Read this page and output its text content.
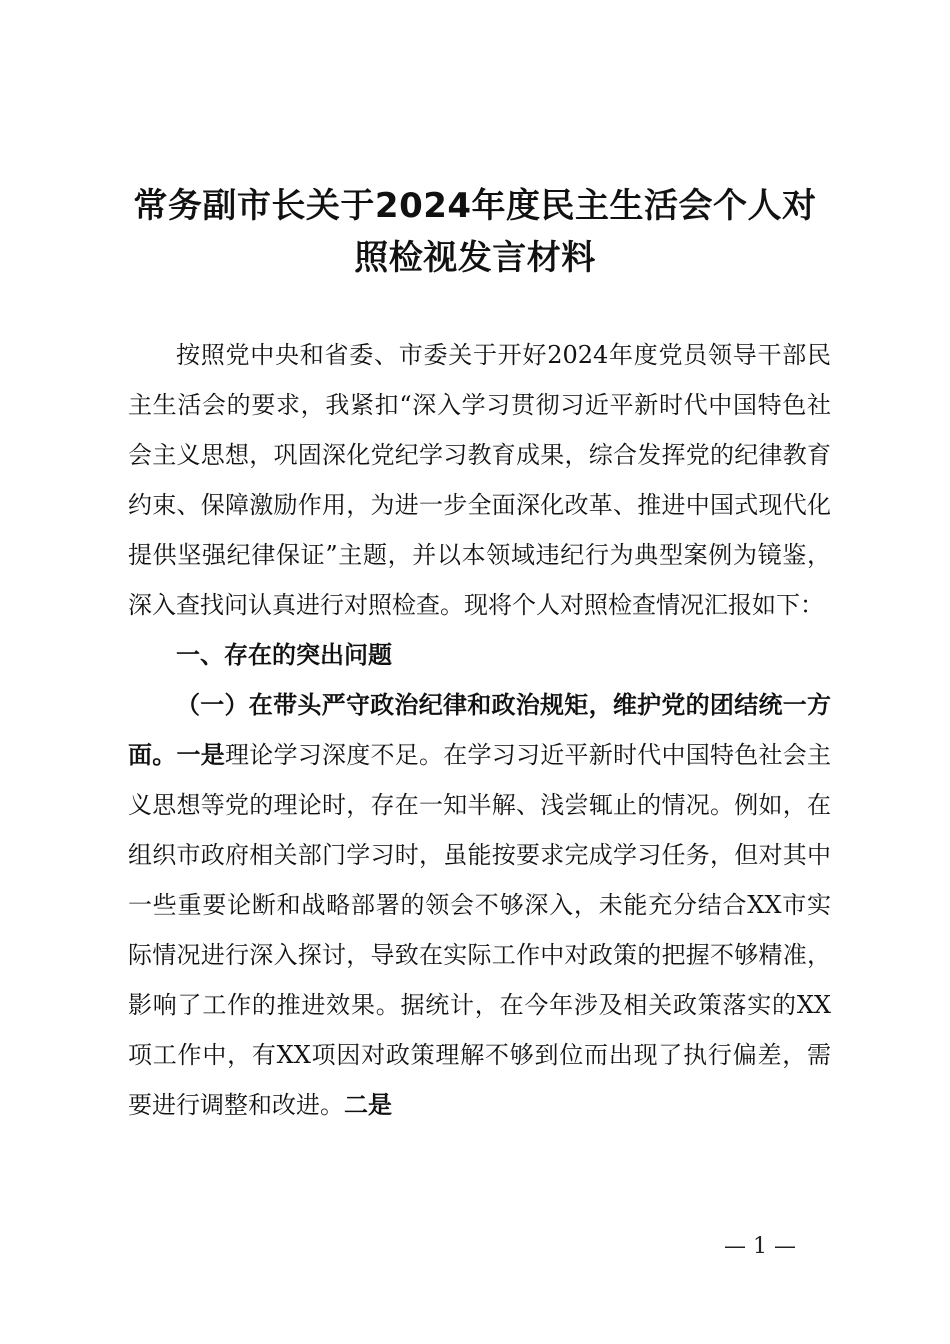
常务副市长关于2024年度民主生活会个人对
照检视发言材料

按照党中央和省委、市委关于开好2024年度党员领导干部民主生活会的要求，我紧扣“深入学习贯彻习近平新时代中国特色社会主义思想，巩固深化党纪学习教育成果，综合发挥党的纪律教育约束、保障激励作用，为进一步全面深化改革、推进中国式现代化提供坚强纪律保证”主题，并以本领域违纪行为典型案例为镜鉴，深入查找问认真进行对照检查。现将个人对照检查情况汇报如下：

一、存在的突出问题

（一）在带头严守政治纪律和政治规矩，维护党的团结统一方面。一是理论学习深度不足。在学习习近平新时代中国特色社会主义思想等党的理论时，存在一知半解、浅尝辄止的情况。例如，在组织市政府相关部门学习时，虽能按要求完成学习任务，但对其中一些重要论断和战略部署的领会不够深入，未能充分结合XX市实际情况进行深入探讨，导致在实际工作中对政策的把握不够精准，影响了工作的推进效果。据统计，在今年涉及相关政策落实的XX项工作中，有XX项因对政策理解不够到位而出现了执行偏差，需要进行调整和改进。二是

— 1 —
